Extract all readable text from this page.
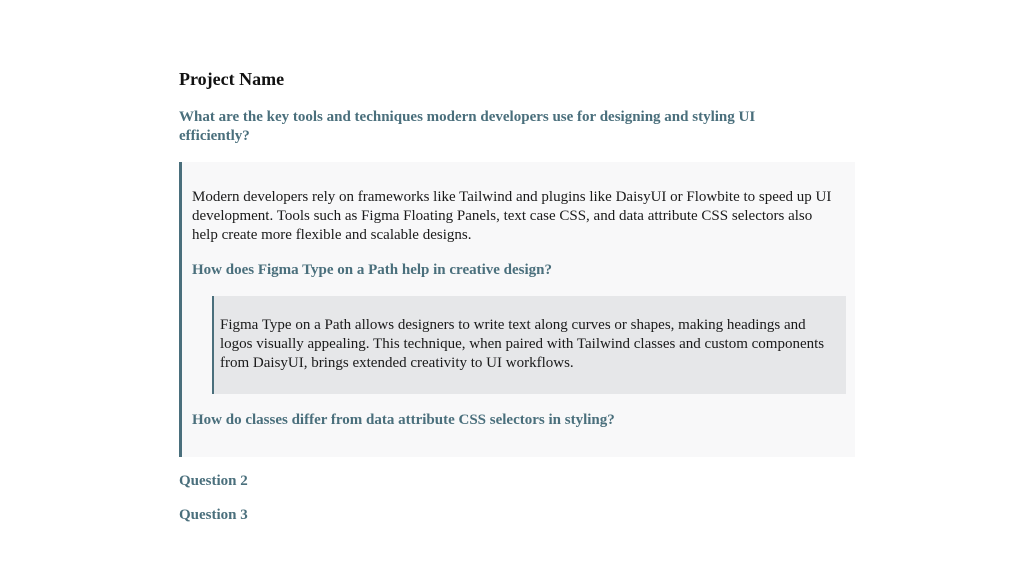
Project Name
What are the key tools and techniques modern developers use for designing and styling UI efficiently?
Modern developers rely on frameworks like Tailwind and plugins like DaisyUI or Flowbite to speed up UI development. Tools such as Figma Floating Panels, text case CSS, and data attribute CSS selectors also help create more flexible and scalable designs.
How does Figma Type on a Path help in creative design?
Figma Type on a Path allows designers to write text along curves or shapes, making headings and logos visually appealing. This technique, when paired with Tailwind classes and custom components from DaisyUI, brings extended creativity to UI workflows.
How do classes differ from data attribute CSS selectors in styling?
Question 2
Question 3
